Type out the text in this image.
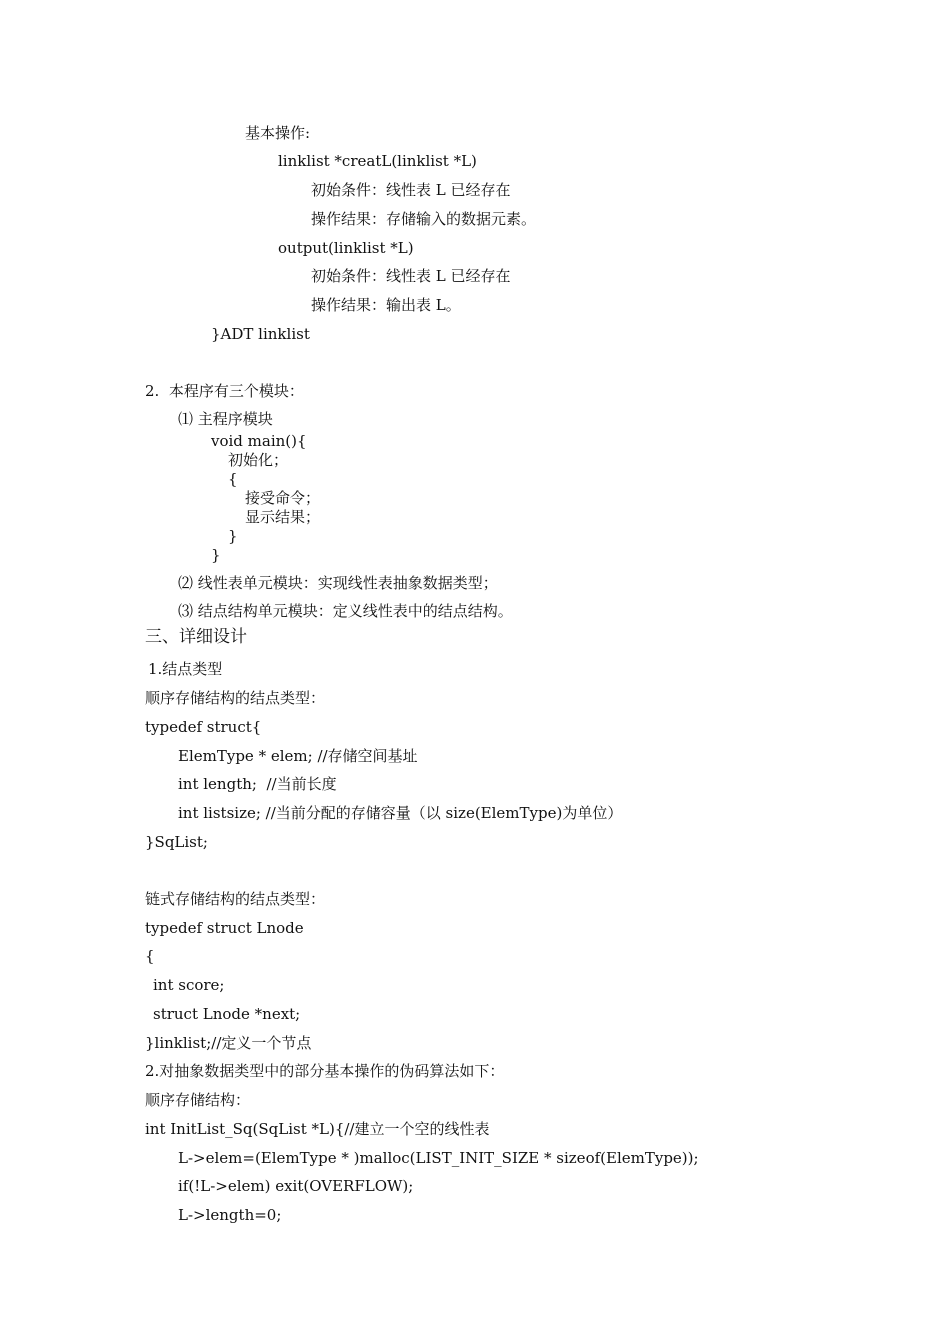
基本操作:
linklist *creatL(linklist *L)
初始条件：线性表 L 已经存在
操作结果：存储输入的数据元素。
output(linklist *L)
初始条件：线性表 L 已经存在
操作结果：输出表 L。
}ADT linklist
2.  本程序有三个模块：
⑴ 主程序模块
void main(){
初始化；
{
接受命令；
显示结果；
}
}
⑵ 线性表单元模块：实现线性表抽象数据类型；
⑶ 结点结构单元模块：定义线性表中的结点结构。
三、详细设计
1.结点类型
顺序存储结构的结点类型：
typedef struct{
ElemType * elem; //存储空间基址
int length;  //当前长度
int listsize; //当前分配的存储容量（以 size(ElemType)为单位）
}SqList;
链式存储结构的结点类型：
typedef struct Lnode
{
int score;
struct Lnode *next;
}linklist;//定义一个节点
2.对抽象数据类型中的部分基本操作的伪码算法如下：
顺序存储结构：
int InitList_Sq(SqList *L){//建立一个空的线性表
L->elem=(ElemType * )malloc(LIST_INIT_SIZE * sizeof(ElemType));
if(!L->elem) exit(OVERFLOW);
L->length=0;
